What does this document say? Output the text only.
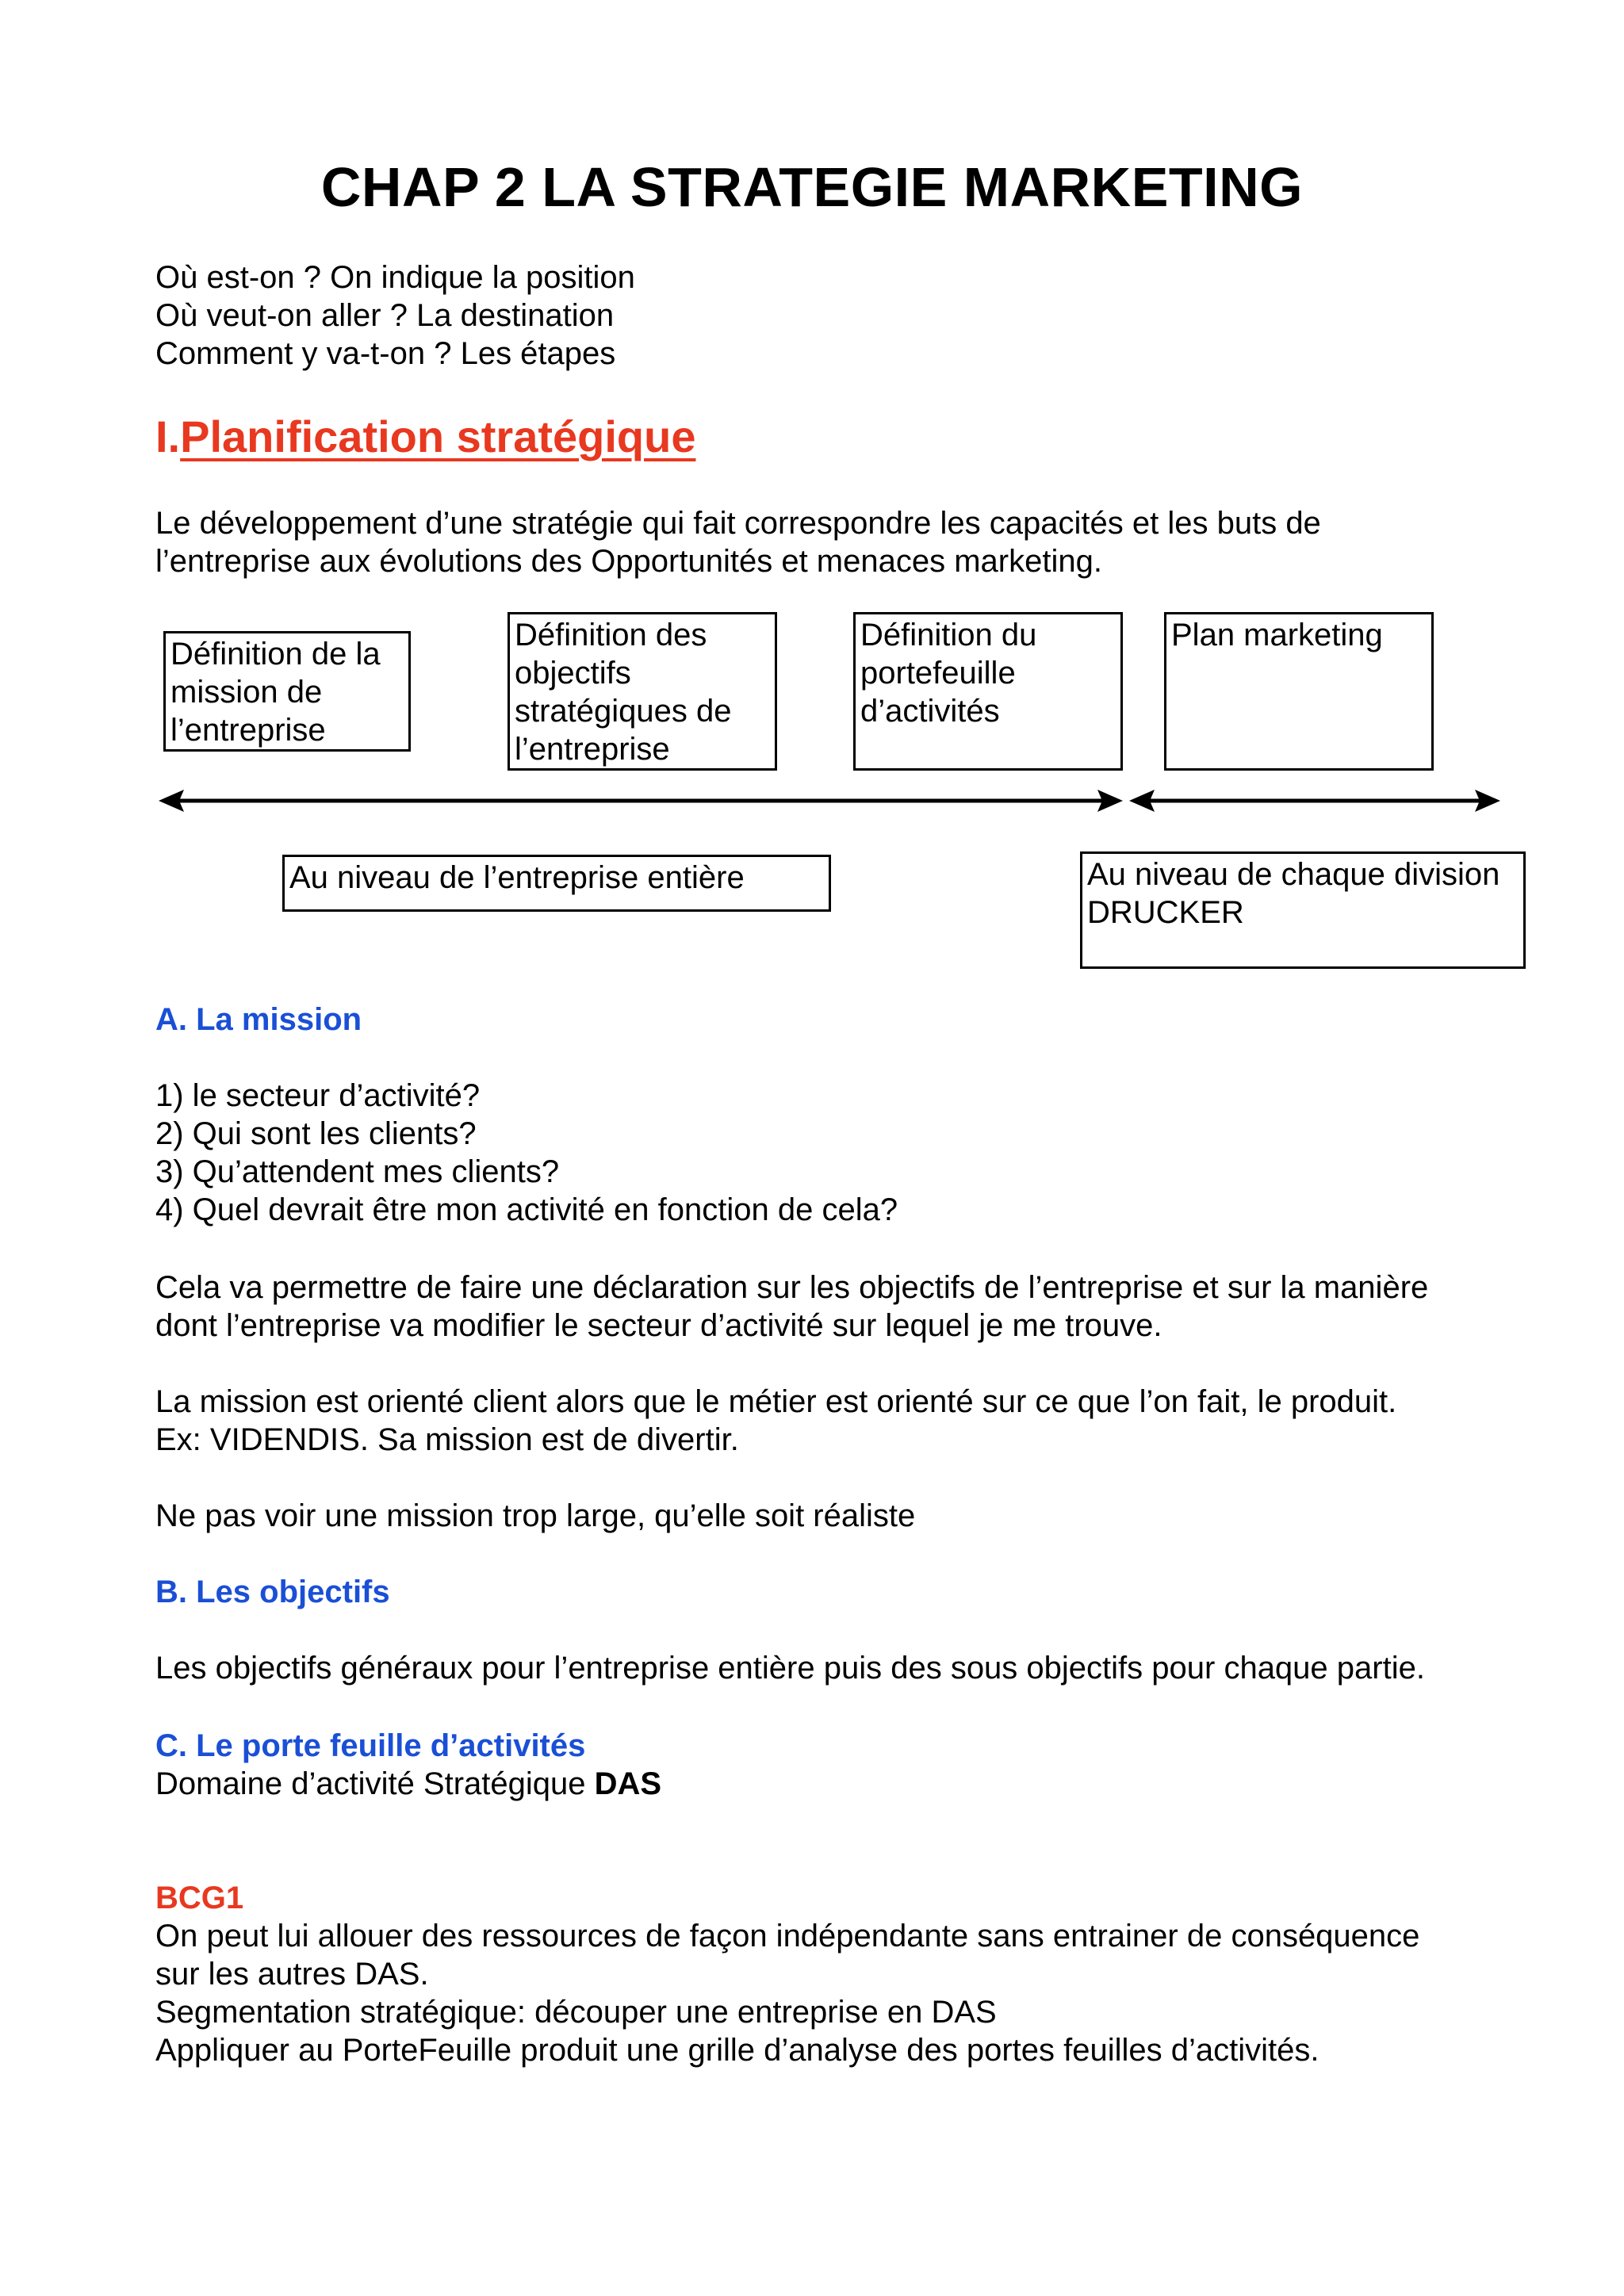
CHAP 2 LA STRATEGIE MARKETING
Où est-on ? On indique la position
Où veut-on aller ? La destination
Comment y va-t-on ? Les étapes
I.Planification stratégique
Le développement d’une stratégie qui fait correspondre les capacités et les buts de
l’entreprise aux évolutions des Opportunités et menaces marketing.
Définition de la
mission de
l’entreprise
Définition des
objectifs
stratégiques de
l’entreprise
Définition du
portefeuille
d’activités
Plan marketing
Au niveau de l’entreprise entière	Au niveau de chaque division
DRUCKER
A. La mission
1) le secteur d’activité?
2) Qui sont les clients?
3) Qu’attendent mes clients?
4) Quel devrait être mon activité en fonction de cela?
Cela va permettre de faire une déclaration sur les objectifs de l’entreprise et sur la manière
dont l’entreprise va modifier le secteur d’activité sur lequel je me trouve.
La mission est orienté client alors que le métier est orienté sur ce que l’on fait, le produit.
Ex: VIDENDIS. Sa mission est de divertir.
Ne pas voir une mission trop large, qu’elle soit réaliste
B. Les objectifs
Les objectifs généraux pour l’entreprise entière puis des sous objectifs pour chaque partie.
C. Le porte feuille d’activités
Domaine d’activité Stratégique DAS
BCG1
On peut lui allouer des ressources de façon indépendante sans entrainer de conséquence
sur les autres DAS.
Segmentation stratégique: découper une entreprise en DAS
Appliquer au PorteFeuille produit une grille d’analyse des portes feuilles d’activités.
